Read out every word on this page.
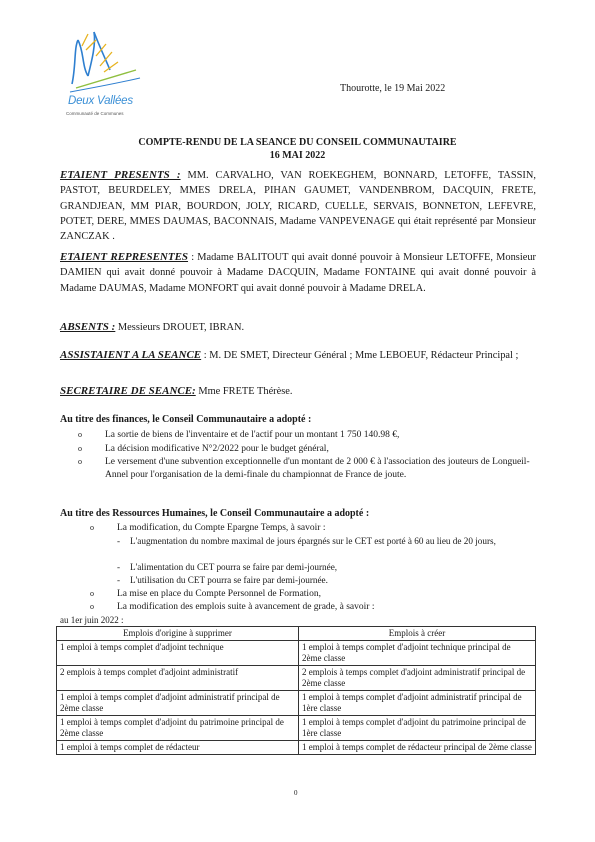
Deux Vallées
Communauté de Communes
Thourotte, le 19 Mai 2022
COMPTE-RENDU DE LA SEANCE DU CONSEIL COMMUNAUTAIRE
16 MAI 2022
ETAIENT PRESENTS : MM. CARVALHO, VAN ROEKEGHEM, BONNARD, LETOFFE, TASSIN, PASTOT, BEURDELEY, MMES DRELA, PIHAN GAUMET, VANDENBROM, DACQUIN, FRETE, GRANDJEAN, MM PIAR, BOURDON, JOLY, RICARD, CUELLE, SERVAIS, BONNETON, LEFEVRE, POTET, DERE, MMES DAUMAS, BACONNAIS, Madame VANPEVENAGE qui était représenté par Monsieur ZANCZAK .
ETAIENT REPRESENTES : Madame BALITOUT qui avait donné pouvoir à Monsieur LETOFFE, Monsieur DAMIEN qui avait donné pouvoir à Madame DACQUIN, Madame FONTAINE qui avait donné pouvoir à Madame DAUMAS, Madame MONFORT qui avait donné pouvoir à Madame DRELA.
ABSENTS : Messieurs DROUET, IBRAN.
ASSISTAIENT A LA SEANCE : M. DE SMET, Directeur Général ; Mme LEBOEUF, Rédacteur Principal ;
SECRETAIRE DE SEANCE: Mme FRETE Thérèse.
Au titre des finances, le Conseil Communautaire a adopté :
o La sortie de biens de l'inventaire et de l'actif pour un montant 1 750 140.98 €,
o La décision modificative N°2/2022 pour le budget général,
o Le versement d'une subvention exceptionnelle d'un montant de 2 000 € à l'association des jouteurs de Longueil-Annel pour l'organisation de la demi-finale du championnat de France de joute.
Au titre des Ressources Humaines, le Conseil Communautaire a adopté :
o La modification, du Compte Epargne Temps, à savoir :
- L'augmentation du nombre maximal de jours épargnés sur le CET est porté à 60 au lieu de 20 jours,
- L'alimentation du CET pourra se faire par demi-journée,
- L'utilisation du CET pourra se faire par demi-journée.
o La mise en place du Compte Personnel de Formation,
o La modification des emplois suite à avancement de grade, à savoir :
au 1er juin 2022 :
Emplois d'origine à supprimer	Emplois à créer
1 emploi à temps complet d'adjoint technique	1 emploi à temps complet d'adjoint technique principal de 2ème classe
2 emplois à temps complet d'adjoint administratif	2 emplois à temps complet d'adjoint administratif principal de 2ème classe
1 emploi à temps complet d'adjoint administratif principal de 2ème classe	1 emploi à temps complet d'adjoint administratif principal de 1ère classe
1 emploi à temps complet d'adjoint du patrimoine principal de 2ème classe	1 emploi à temps complet d'adjoint du patrimoine principal de 1ère classe
1 emploi à temps complet de rédacteur	1 emploi à temps complet de rédacteur principal de 2ème classe
0
